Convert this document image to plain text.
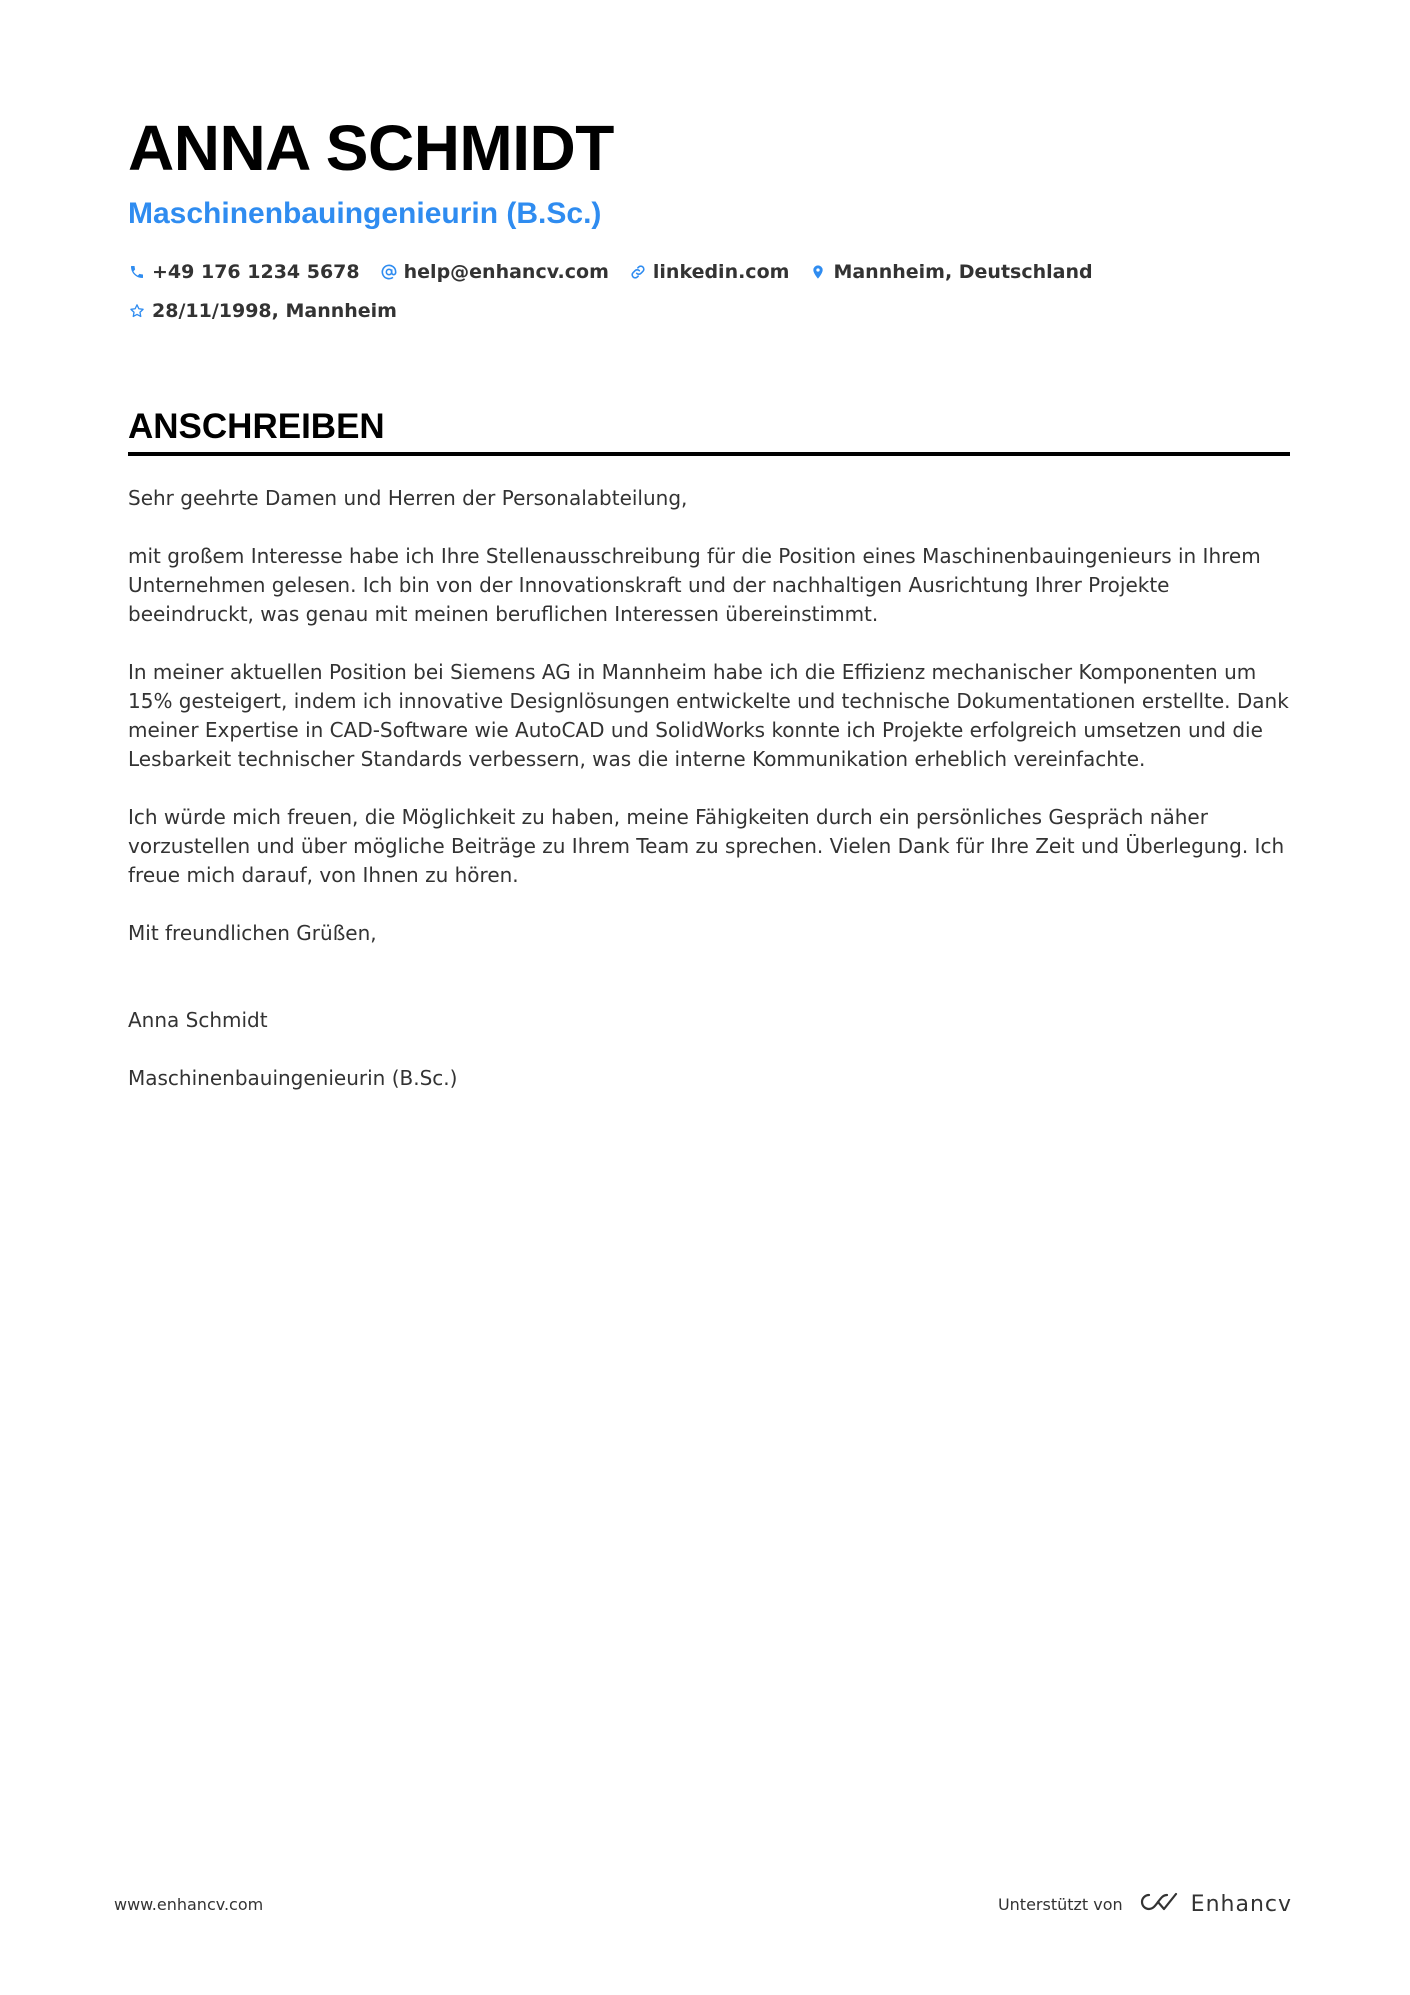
ANNA SCHMIDT
Maschinenbauingenieurin (B.Sc.)
+49 176 1234 5678 help@enhancv.com linkedin.com Mannheim, Deutschland
28/11/1998, Mannheim
ANSCHREIBEN

Sehr geehrte Damen und Herren der Personalabteilung,

mit großem Interesse habe ich Ihre Stellenausschreibung für die Position eines Maschinenbauingenieurs in Ihrem Unternehmen gelesen. Ich bin von der Innovationskraft und der nachhaltigen Ausrichtung Ihrer Projekte beeindruckt, was genau mit meinen beruflichen Interessen übereinstimmt.

In meiner aktuellen Position bei Siemens AG in Mannheim habe ich die Effizienz mechanischer Komponenten um 15% gesteigert, indem ich innovative Designlösungen entwickelte und technische Dokumentationen erstellte. Dank meiner Expertise in CAD-Software wie AutoCAD und SolidWorks konnte ich Projekte erfolgreich umsetzen und die Lesbarkeit technischer Standards verbessern, was die interne Kommunikation erheblich vereinfachte.

Ich würde mich freuen, die Möglichkeit zu haben, meine Fähigkeiten durch ein persönliches Gespräch näher vorzustellen und über mögliche Beiträge zu Ihrem Team zu sprechen. Vielen Dank für Ihre Zeit und Überlegung. Ich freue mich darauf, von Ihnen zu hören.

Mit freundlichen Grüßen,

Anna Schmidt

Maschinenbauingenieurin (B.Sc.)

www.enhancv.com	Unterstützt von	Enhancv
